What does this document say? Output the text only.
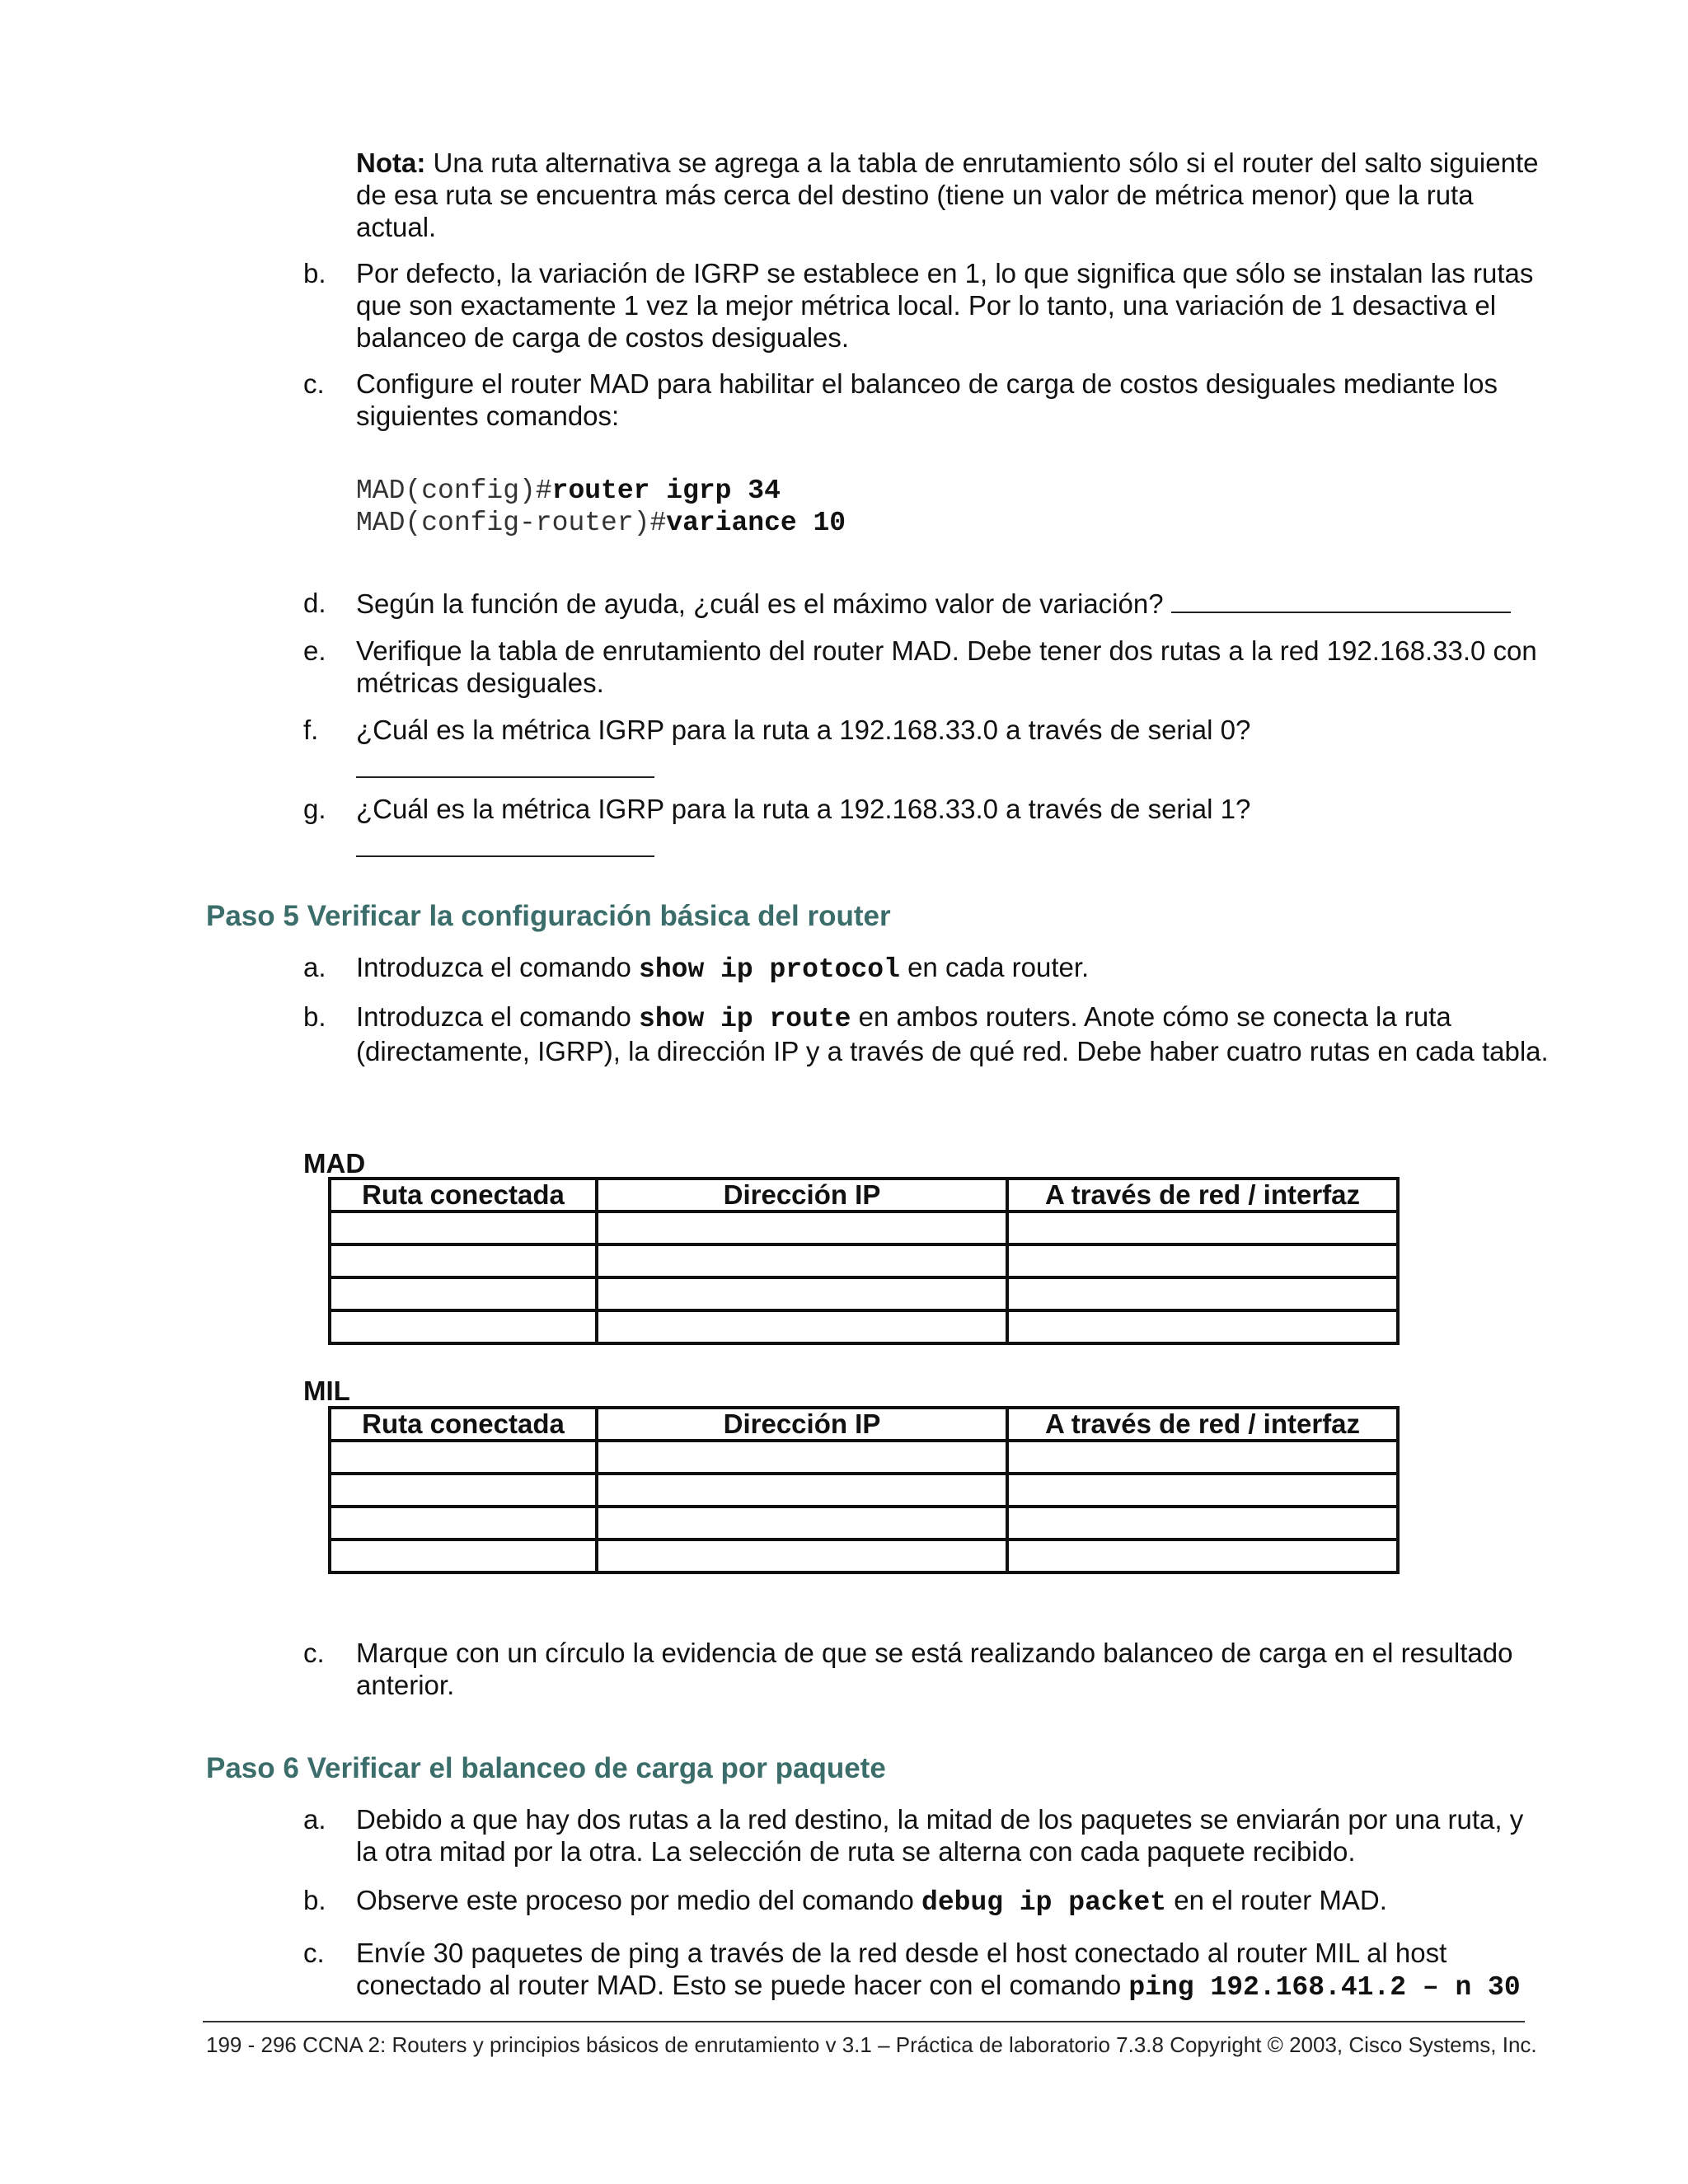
Nota: Una ruta alternativa se agrega a la tabla de enrutamiento sólo si el router del salto siguiente de esa ruta se encuentra más cerca del destino (tiene un valor de métrica menor) que la ruta actual.
b.	Por defecto, la variación de IGRP se establece en 1, lo que significa que sólo se instalan las rutas que son exactamente 1 vez la mejor métrica local. Por lo tanto, una variación de 1 desactiva el balanceo de carga de costos desiguales.
c.	Configure el router MAD para habilitar el balanceo de carga de costos desiguales mediante los siguientes comandos:
MAD(config)#router igrp 34
MAD(config-router)#variance 10
d.	Según la función de ayuda, ¿cuál es el máximo valor de variación?
e.	Verifique la tabla de enrutamiento del router MAD. Debe tener dos rutas a la red 192.168.33.0 con métricas desiguales.
f.	¿Cuál es la métrica IGRP para la ruta a 192.168.33.0 a través de serial 0?
g.	¿Cuál es la métrica IGRP para la ruta a 192.168.33.0 a través de serial 1?
Paso 5 Verificar la configuración básica del router
a.	Introduzca el comando show ip protocol en cada router.
b.	Introduzca el comando show ip route en ambos routers. Anote cómo se conecta la ruta (directamente, IGRP), la dirección IP y a través de qué red. Debe haber cuatro rutas en cada tabla.
MAD
Ruta conectada	Dirección IP	A través de red / interfaz

MIL
Ruta conectada	Dirección IP	A través de red / interfaz

c.	Marque con un círculo la evidencia de que se está realizando balanceo de carga en el resultado anterior.
Paso 6 Verificar el balanceo de carga por paquete
a.	Debido a que hay dos rutas a la red destino, la mitad de los paquetes se enviarán por una ruta, y la otra mitad por la otra. La selección de ruta se alterna con cada paquete recibido.
b.	Observe este proceso por medio del comando debug ip packet en el router MAD.
c.	Envíe 30 paquetes de ping a través de la red desde el host conectado al router MIL al host conectado al router MAD. Esto se puede hacer con el comando ping 192.168.41.2 – n 30
199 - 296 CCNA 2: Routers y principios básicos de enrutamiento v 3.1 – Práctica de laboratorio 7.3.8 Copyright © 2003, Cisco Systems, Inc.
